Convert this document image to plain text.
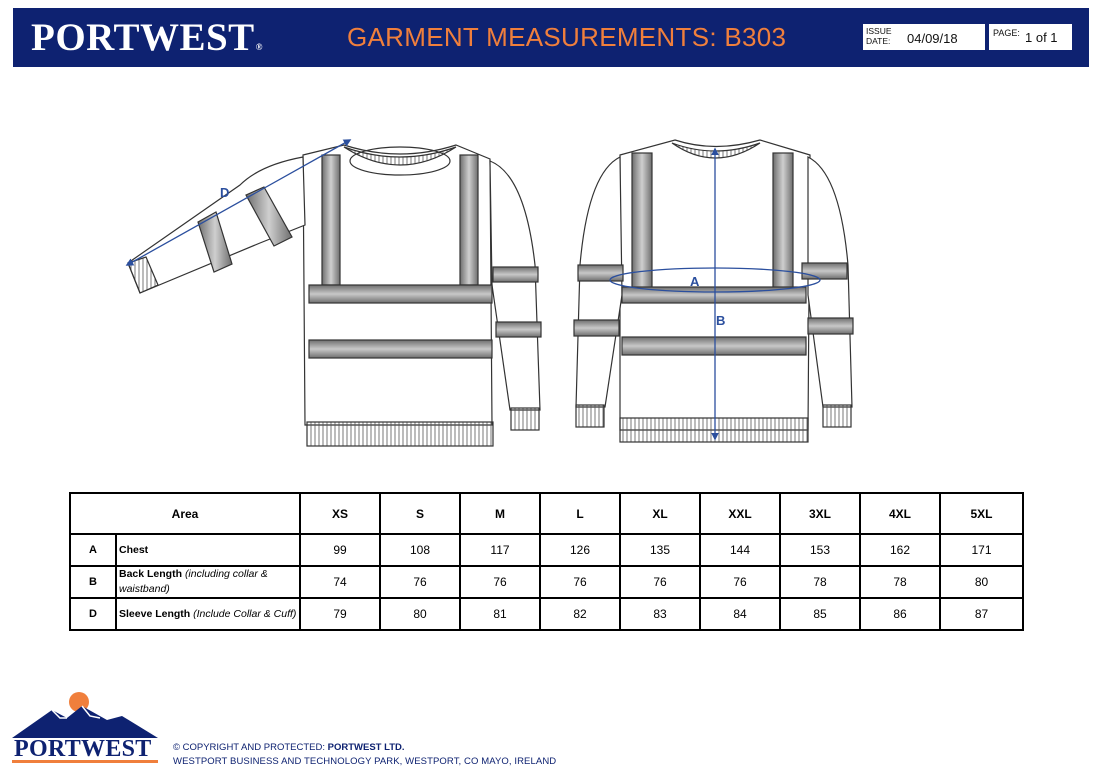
PORTWEST®	GARMENT MEASUREMENTS: B303	ISSUE DATE: 04/09/18	PAGE: 1 of 1
D
A
B
Area		XS	S	M	L	XL	XXL	3XL	4XL	5XL
A	Chest	99	108	117	126	135	144	153	162	171
B	Back Length (including collar & waistband)	74	76	76	76	76	76	78	78	80
D	Sleeve Length (Include Collar & Cuff)	79	80	81	82	83	84	85	86	87
PORTWEST © COPYRIGHT AND PROTECTED: PORTWEST LTD.
WESTPORT BUSINESS AND TECHNOLOGY PARK, WESTPORT, CO MAYO, IRELAND
